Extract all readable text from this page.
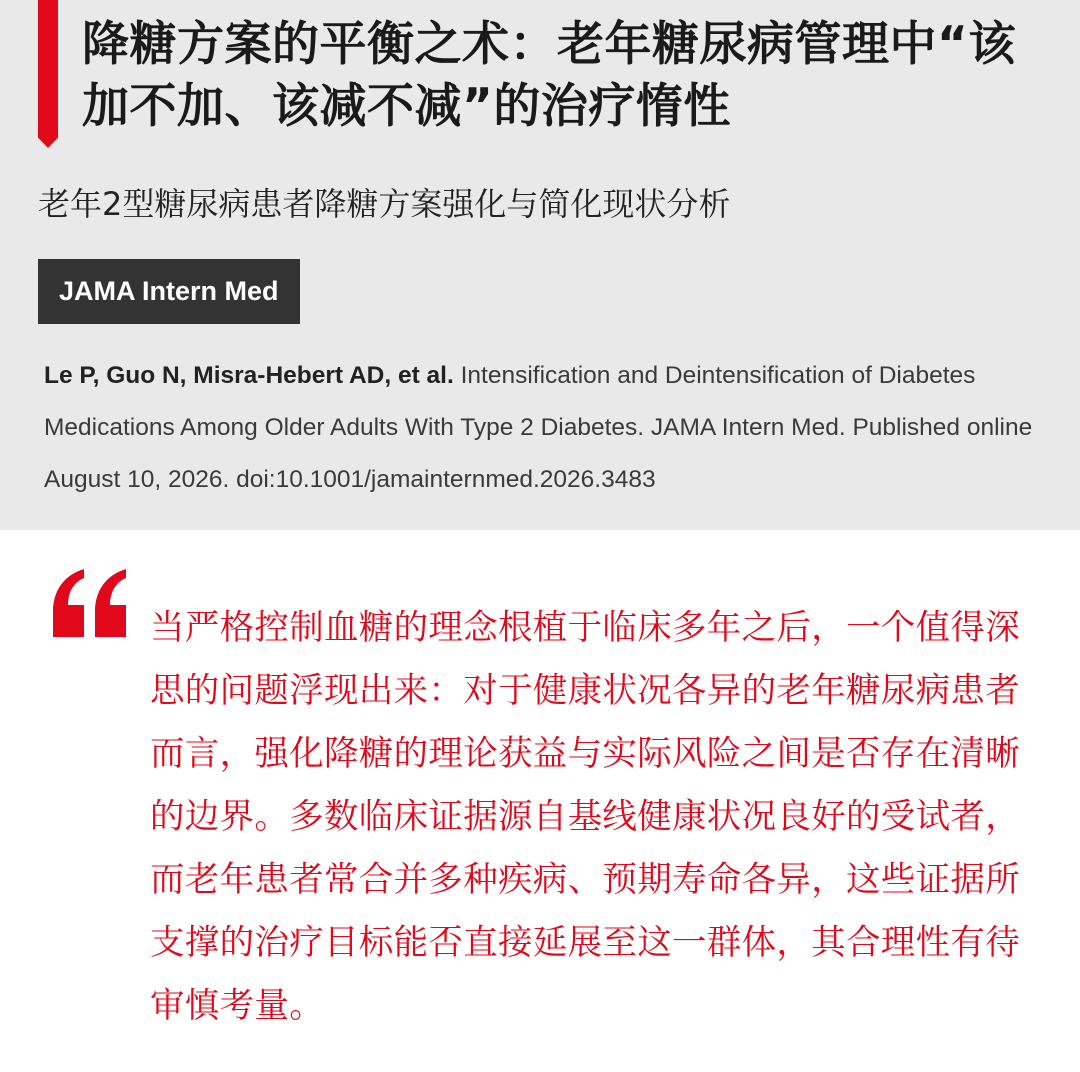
降糖方案的平衡之术：老年糖尿病管理中“该加不加、该减不减”的治疗惰性
老年2型糖尿病患者降糖方案强化与简化现状分析
JAMA Intern Med

Le P, Guo N, Misra-Hebert AD, et al. Intensification and Deintensification of Diabetes Medications Among Older Adults With Type 2 Diabetes. JAMA Intern Med. Published online August 10, 2026. doi:10.1001/jamainternmed.2026.3483

当严格控制血糖的理念根植于临床多年之后，一个值得深思的问题浮现出来：对于健康状况各异的老年糖尿病患者而言，强化降糖的理论获益与实际风险之间是否存在清晰的边界。多数临床证据源自基线健康状况良好的受试者，而老年患者常合并多种疾病、预期寿命各异，这些证据所支撑的治疗目标能否直接延展至这一群体，其合理性有待审慎考量。
